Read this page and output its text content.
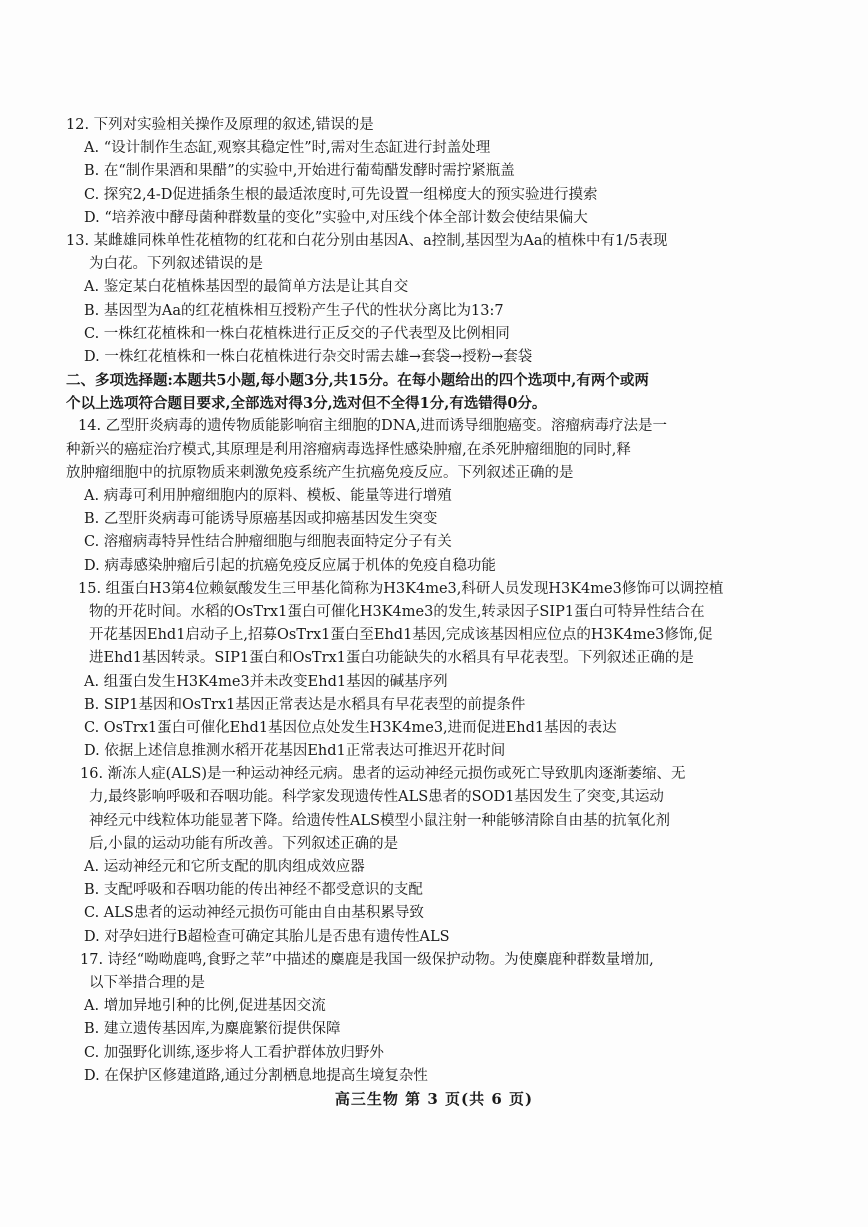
12. 下列对实验相关操作及原理的叙述,错误的是
A. “设计制作生态缸,观察其稳定性”时,需对生态缸进行封盖处理
B. 在“制作果酒和果醋”的实验中,开始进行葡萄醋发酵时需拧紧瓶盖
C. 探究2,4-D促进插条生根的最适浓度时,可先设置一组梯度大的预实验进行摸索
D. “培养液中酵母菌种群数量的变化”实验中,对压线个体全部计数会使结果偏大
13. 某雌雄同株单性花植物的红花和白花分别由基因A、a控制,基因型为Aa的植株中有1/5表现
为白花。下列叙述错误的是
A. 鉴定某白花植株基因型的最简单方法是让其自交
B. 基因型为Aa的红花植株相互授粉产生子代的性状分离比为13:7
C. 一株红花植株和一株白花植株进行正反交的子代表型及比例相同
D. 一株红花植株和一株白花植株进行杂交时需去雄→套袋→授粉→套袋
二、多项选择题:本题共5小题,每小题3分,共15分。在每小题给出的四个选项中,有两个或两
个以上选项符合题目要求,全部选对得3分,选对但不全得1分,有选错得0分。
14. 乙型肝炎病毒的遗传物质能影响宿主细胞的DNA,进而诱导细胞癌变。溶瘤病毒疗法是一
种新兴的癌症治疗模式,其原理是利用溶瘤病毒选择性感染肿瘤,在杀死肿瘤细胞的同时,释
放肿瘤细胞中的抗原物质来刺激免疫系统产生抗癌免疫反应。下列叙述正确的是
A. 病毒可利用肿瘤细胞内的原料、模板、能量等进行增殖
B. 乙型肝炎病毒可能诱导原癌基因或抑癌基因发生突变
C. 溶瘤病毒特异性结合肿瘤细胞与细胞表面特定分子有关
D. 病毒感染肿瘤后引起的抗癌免疫反应属于机体的免疫自稳功能
15. 组蛋白H3第4位赖氨酸发生三甲基化简称为H3K4me3,科研人员发现H3K4me3修饰可以调控植
物的开花时间。水稻的OsTrx1蛋白可催化H3K4me3的发生,转录因子SIP1蛋白可特异性结合在
开花基因Ehd1启动子上,招募OsTrx1蛋白至Ehd1基因,完成该基因相应位点的H3K4me3修饰,促
进Ehd1基因转录。SIP1蛋白和OsTrx1蛋白功能缺失的水稻具有早花表型。下列叙述正确的是
A. 组蛋白发生H3K4me3并未改变Ehd1基因的碱基序列
B. SIP1基因和OsTrx1基因正常表达是水稻具有早花表型的前提条件
C. OsTrx1蛋白可催化Ehd1基因位点处发生H3K4me3,进而促进Ehd1基因的表达
D. 依据上述信息推测水稻开花基因Ehd1正常表达可推迟开花时间
16. 渐冻人症(ALS)是一种运动神经元病。患者的运动神经元损伤或死亡导致肌肉逐渐萎缩、无
力,最终影响呼吸和吞咽功能。科学家发现遗传性ALS患者的SOD1基因发生了突变,其运动
神经元中线粒体功能显著下降。给遗传性ALS模型小鼠注射一种能够清除自由基的抗氧化剂
后,小鼠的运动功能有所改善。下列叙述正确的是
A. 运动神经元和它所支配的肌肉组成效应器
B. 支配呼吸和吞咽功能的传出神经不都受意识的支配
C. ALS患者的运动神经元损伤可能由自由基积累导致
D. 对孕妇进行B超检查可确定其胎儿是否患有遗传性ALS
17. 诗经“呦呦鹿鸣,食野之苹”中描述的麋鹿是我国一级保护动物。为使麋鹿种群数量增加,
以下举措合理的是
A. 增加异地引种的比例,促进基因交流
B. 建立遗传基因库,为麋鹿繁衍提供保障
C. 加强野化训练,逐步将人工看护群体放归野外
D. 在保护区修建道路,通过分割栖息地提高生境复杂性
高三生物 第 3 页(共 6 页)
